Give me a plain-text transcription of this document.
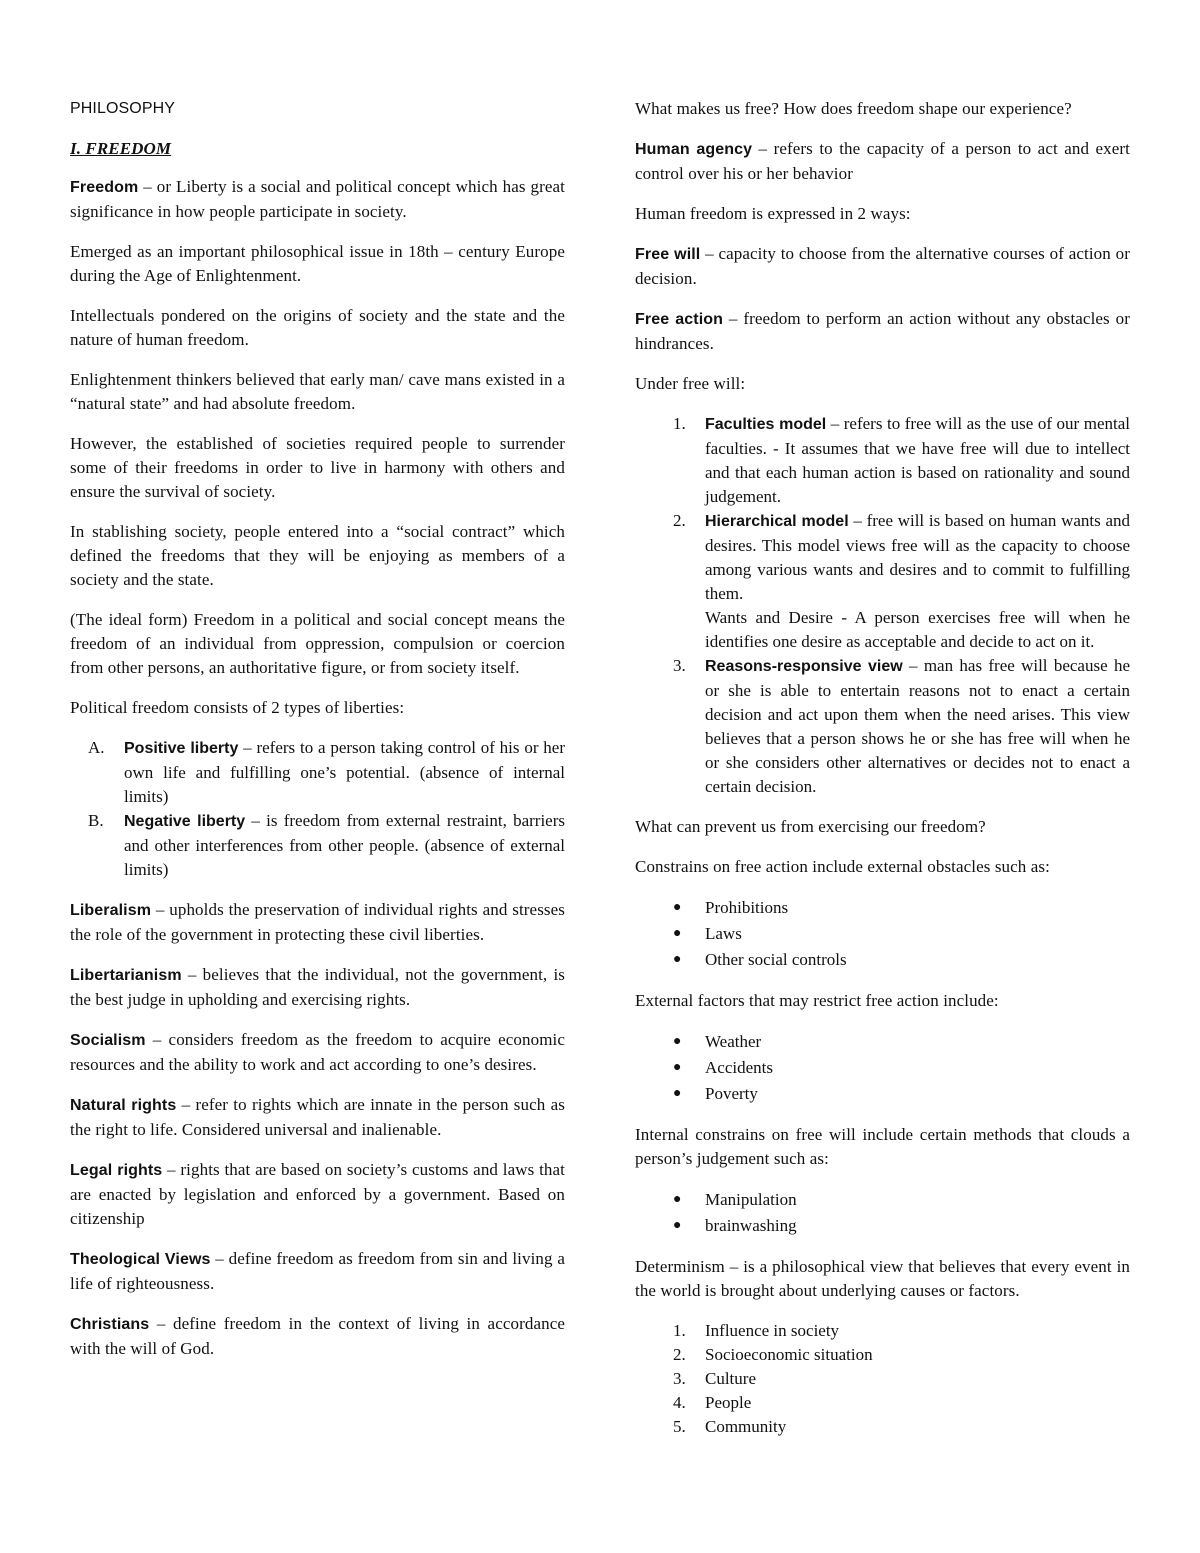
PHILOSOPHY

I. FREEDOM

Freedom – or Liberty is a social and political concept which has great significance in how people participate in society.

Emerged as an important philosophical issue in 18th – century Europe during the Age of Enlightenment.

Intellectuals pondered on the origins of society and the state and the nature of human freedom.

Enlightenment thinkers believed that early man/ cave mans existed in a “natural state” and had absolute freedom.

However, the established of societies required people to surrender some of their freedoms in order to live in harmony with others and ensure the survival of society.

In stablishing society, people entered into a “social contract” which defined the freedoms that they will be enjoying as members of a society and the state.

(The ideal form) Freedom in a political and social concept means the freedom of an individual from oppression, compulsion or coercion from other persons, an authoritative figure, or from society itself.

Political freedom consists of 2 types of liberties:

A.	Positive liberty – refers to a person taking control of his or her own life and fulfilling one’s potential. (absence of internal limits)
B.	Negative liberty – is freedom from external restraint, barriers and other interferences from other people. (absence of external limits)

Liberalism – upholds the preservation of individual rights and stresses the role of the government in protecting these civil liberties.

Libertarianism – believes that the individual, not the government, is the best judge in upholding and exercising rights.

Socialism – considers freedom as the freedom to acquire economic resources and the ability to work and act according to one’s desires.

Natural rights – refer to rights which are innate in the person such as the right to life. Considered universal and inalienable.

Legal rights – rights that are based on society’s customs and laws that are enacted by legislation and enforced by a government. Based on citizenship

Theological Views – define freedom as freedom from sin and living a life of righteousness.

Christians – define freedom in the context of living in accordance with the will of God.

What makes us free? How does freedom shape our experience?

Human agency – refers to the capacity of a person to act and exert control over his or her behavior

Human freedom is expressed in 2 ways:

Free will – capacity to choose from the alternative courses of action or decision.

Free action – freedom to perform an action without any obstacles or hindrances.

Under free will:

1.	Faculties model – refers to free will as the use of our mental faculties. - It assumes that we have free will due to intellect and that each human action is based on rationality and sound judgement.
2.	Hierarchical model – free will is based on human wants and desires. This model views free will as the capacity to choose among various wants and desires and to commit to fulfilling them.
Wants and Desire - A person exercises free will when he identifies one desire as acceptable and decide to act on it.
3.	Reasons-responsive view – man has free will because he or she is able to entertain reasons not to enact a certain decision and act upon them when the need arises. This view believes that a person shows he or she has free will when he or she considers other alternatives or decides not to enact a certain decision.

What can prevent us from exercising our freedom?

Constrains on free action include external obstacles such as:

●	Prohibitions
●	Laws
●	Other social controls

External factors that may restrict free action include:

●	Weather
●	Accidents
●	Poverty

Internal constrains on free will include certain methods that clouds a person’s judgement such as:

●	Manipulation
●	brainwashing

Determinism – is a philosophical view that believes that every event in the world is brought about underlying causes or factors.

1.	Influence in society
2.	Socioeconomic situation
3.	Culture
4.	People
5.	Community
